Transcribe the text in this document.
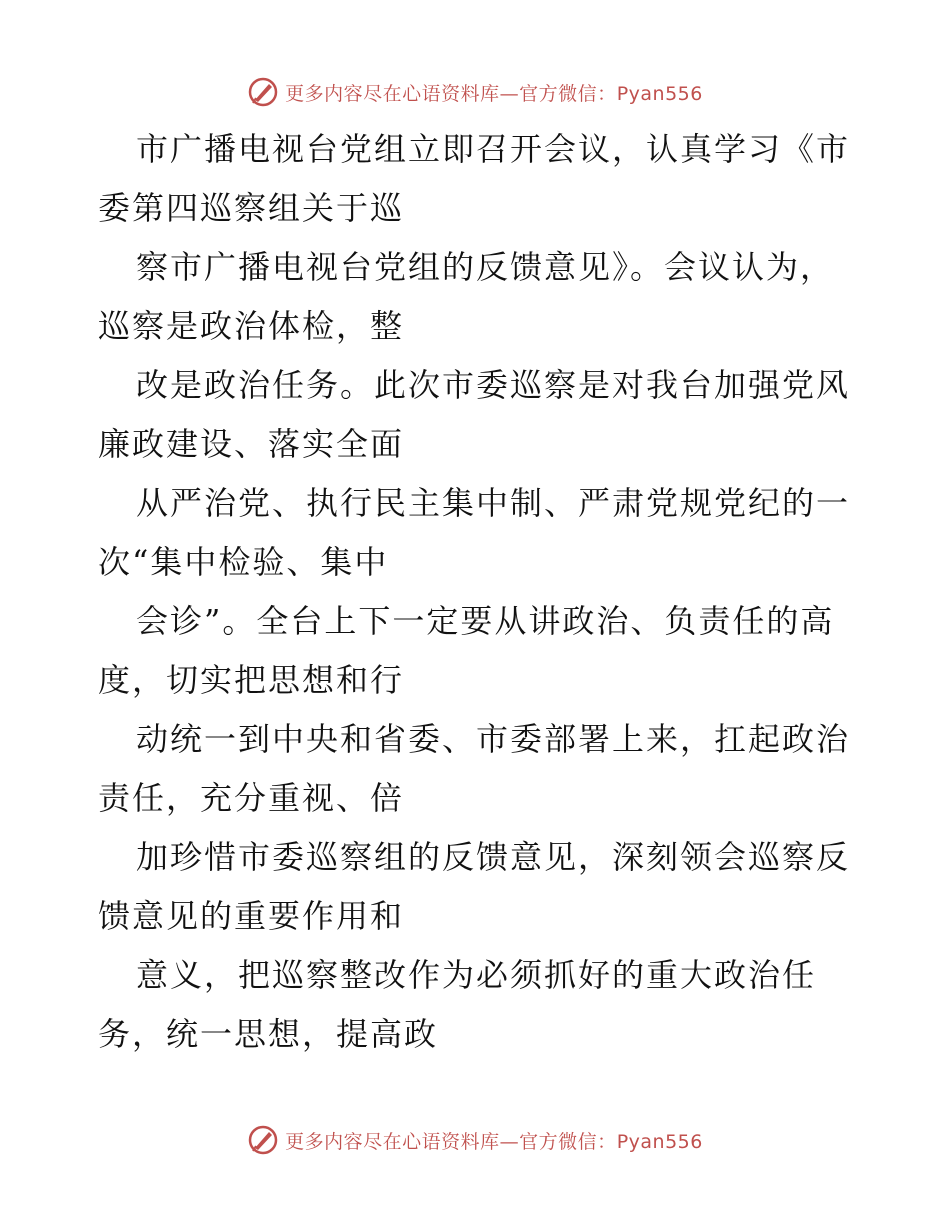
更多内容尽在心语资料库—官方微信：Pyan556

市广播电视台党组立即召开会议，认真学习《市

委第四巡察组关于巡

察市广播电视台党组的反馈意见》。会议认为，

巡察是政治体检，整

改是政治任务。此次市委巡察是对我台加强党风

廉政建设、落实全面

从严治党、执行民主集中制、严肃党规党纪的一

次“集中检验、集中

会诊”。全台上下一定要从讲政治、负责任的高

度，切实把思想和行

动统一到中央和省委、市委部署上来，扛起政治

责任，充分重视、倍

加珍惜市委巡察组的反馈意见，深刻领会巡察反

馈意见的重要作用和

意义，把巡察整改作为必须抓好的重大政治任

务，统一思想，提高政

更多内容尽在心语资料库—官方微信：Pyan556
